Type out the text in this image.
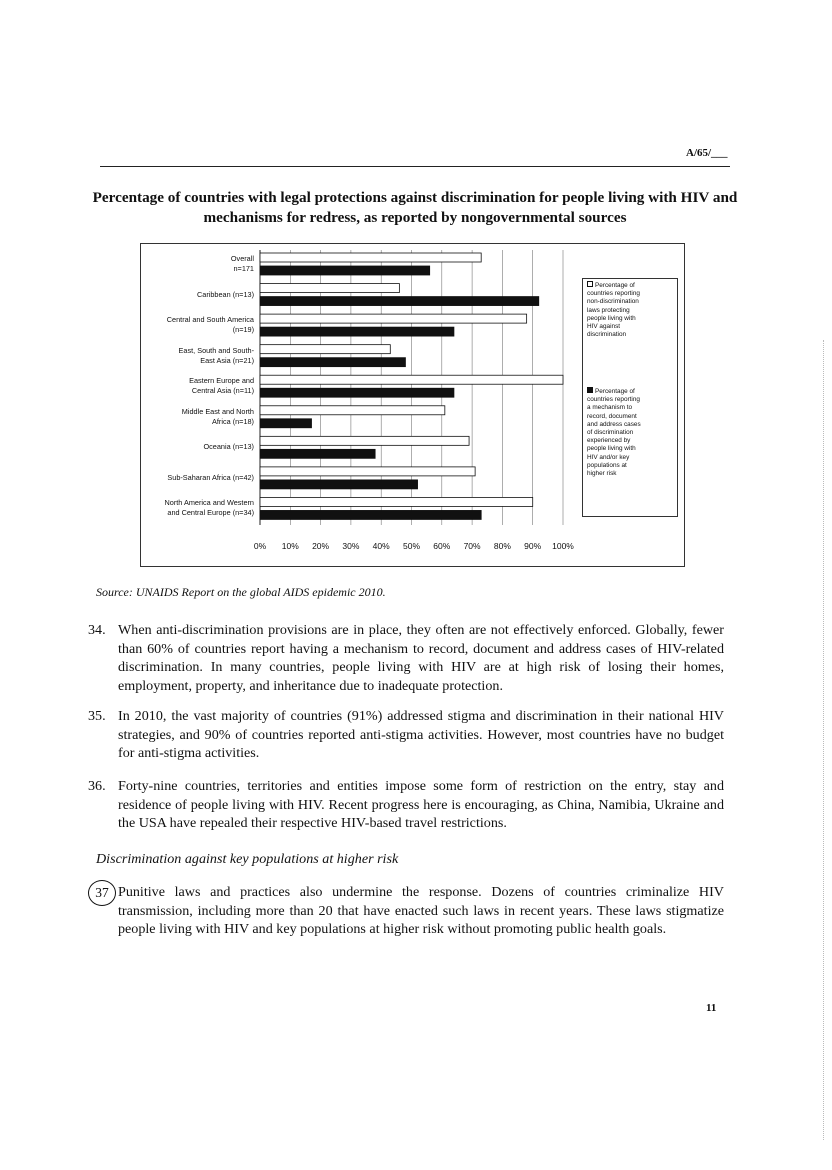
A/65/___
Percentage of countries with legal protections against discrimination for people living with HIV and mechanisms for redress, as reported by nongovernmental sources
Overall
n=171
Caribbean (n=13)
Central and South America
(n=19)
East, South and South-
East Asia (n=21)
Eastern Europe and
Central Asia (n=11)
Middle East and North
Africa (n=18)
Oceania (n=13)
Sub-Saharan Africa (n=42)
North America and Western
and Central Europe (n=34)
0%	10%	20%	30%	40%	50%	60%	70%	80%	90%	100%
Percentage of
countries reporting
non-discrimination
laws protecting
people living with
HIV against
discrimination
Percentage of
countries reporting
a mechanism to
record, document
and address cases
of discrimination
experienced by
people living with
HIV and/or key
populations at
higher risk
Source: UNAIDS Report on the global AIDS epidemic 2010.
34. When anti-discrimination provisions are in place, they often are not effectively enforced. Globally, fewer than 60% of countries report having a mechanism to record, document and address cases of HIV-related discrimination. In many countries, people living with HIV are at high risk of losing their homes, employment, property, and inheritance due to inadequate protection.
35. In 2010, the vast majority of countries (91%) addressed stigma and discrimination in their national HIV strategies, and 90% of countries reported anti-stigma activities. However, most countries have no budget for anti-stigma activities.
36. Forty-nine countries, territories and entities impose some form of restriction on the entry, stay and residence of people living with HIV. Recent progress here is encouraging, as China, Namibia, Ukraine and the USA have repealed their respective HIV-based travel restrictions.
Discrimination against key populations at higher risk
37 Punitive laws and practices also undermine the response. Dozens of countries criminalize HIV transmission, including more than 20 that have enacted such laws in recent years. These laws stigmatize people living with HIV and key populations at higher risk without promoting public health goals.
11
